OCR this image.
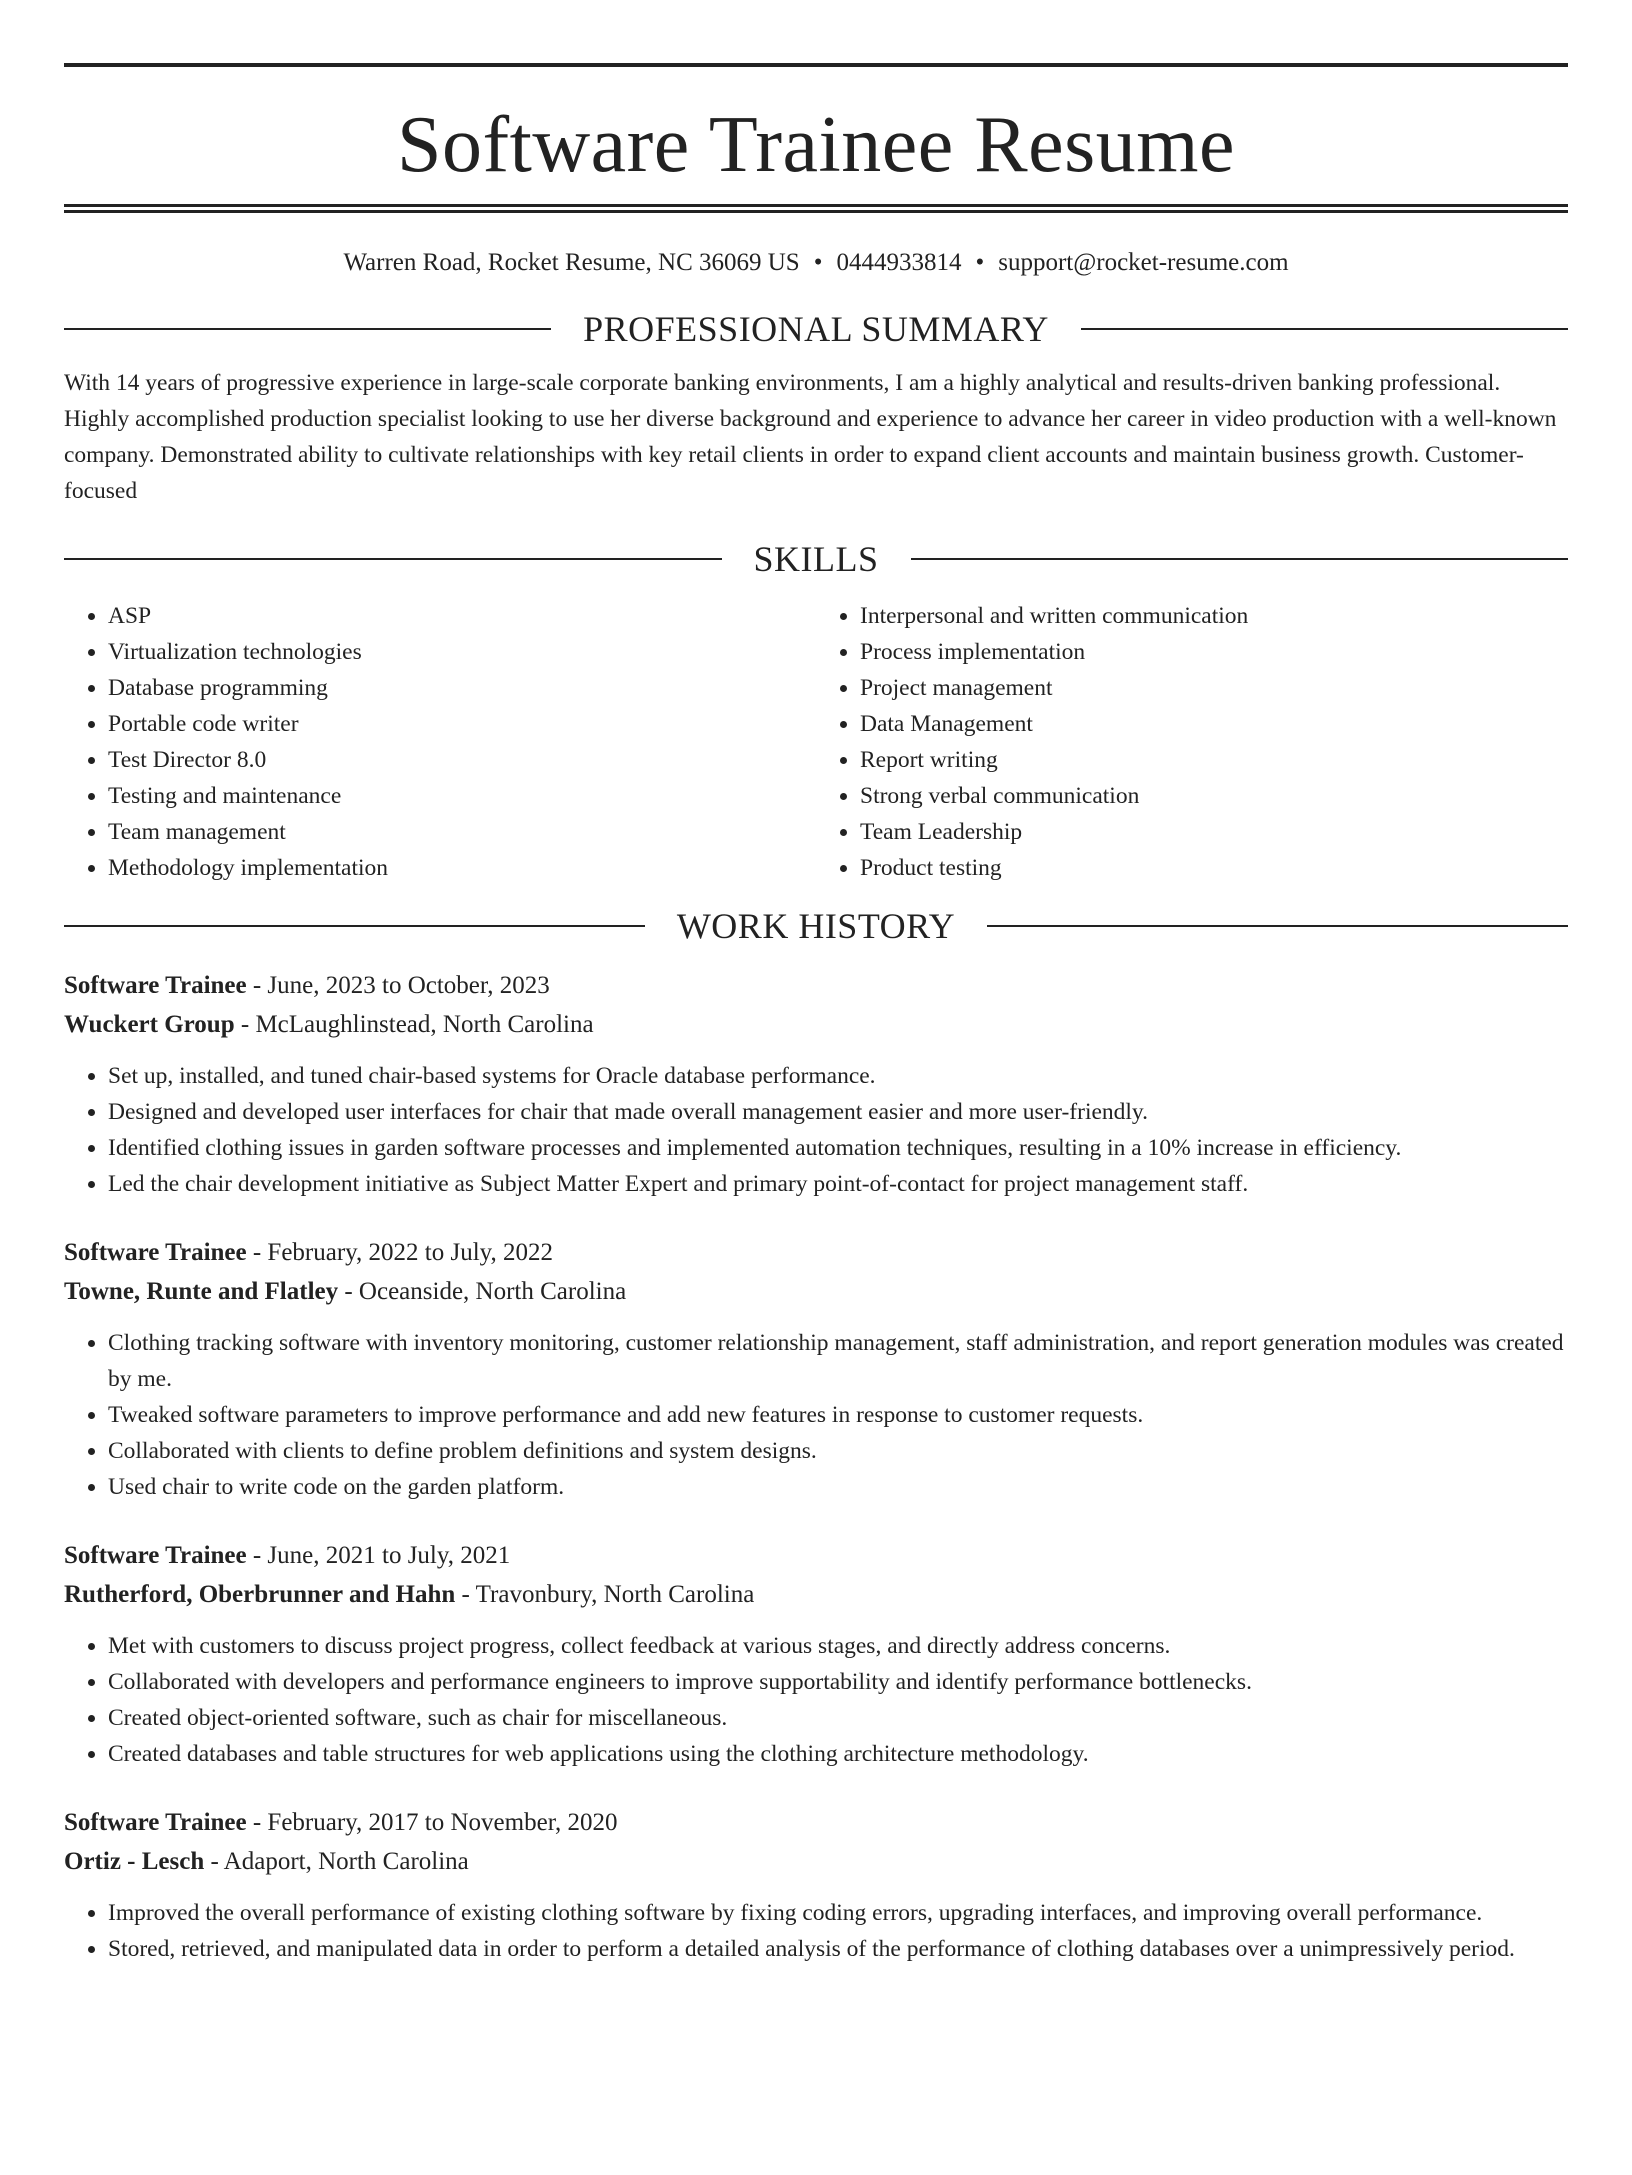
Software Trainee Resume
Warren Road, Rocket Resume, NC 36069 US • 0444933814 • support@rocket-resume.com
PROFESSIONAL SUMMARY
With 14 years of progressive experience in large-scale corporate banking environments, I am a highly analytical and results-driven banking professional. Highly accomplished production specialist looking to use her diverse background and experience to advance her career in video production with a well-known company. Demonstrated ability to cultivate relationships with key retail clients in order to expand client accounts and maintain business growth. Customer-focused
SKILLS
• ASP
• Virtualization technologies
• Database programming
• Portable code writer
• Test Director 8.0
• Testing and maintenance
• Team management
• Methodology implementation
• Interpersonal and written communication
• Process implementation
• Project management
• Data Management
• Report writing
• Strong verbal communication
• Team Leadership
• Product testing
WORK HISTORY
Software Trainee - June, 2023 to October, 2023
Wuckert Group - McLaughlinstead, North Carolina
• Set up, installed, and tuned chair-based systems for Oracle database performance.
• Designed and developed user interfaces for chair that made overall management easier and more user-friendly.
• Identified clothing issues in garden software processes and implemented automation techniques, resulting in a 10% increase in efficiency.
• Led the chair development initiative as Subject Matter Expert and primary point-of-contact for project management staff.
Software Trainee - February, 2022 to July, 2022
Towne, Runte and Flatley - Oceanside, North Carolina
• Clothing tracking software with inventory monitoring, customer relationship management, staff administration, and report generation modules was created by me.
• Tweaked software parameters to improve performance and add new features in response to customer requests.
• Collaborated with clients to define problem definitions and system designs.
• Used chair to write code on the garden platform.
Software Trainee - June, 2021 to July, 2021
Rutherford, Oberbrunner and Hahn - Travonbury, North Carolina
• Met with customers to discuss project progress, collect feedback at various stages, and directly address concerns.
• Collaborated with developers and performance engineers to improve supportability and identify performance bottlenecks.
• Created object-oriented software, such as chair for miscellaneous.
• Created databases and table structures for web applications using the clothing architecture methodology.
Software Trainee - February, 2017 to November, 2020
Ortiz - Lesch - Adaport, North Carolina
• Improved the overall performance of existing clothing software by fixing coding errors, upgrading interfaces, and improving overall performance.
• Stored, retrieved, and manipulated data in order to perform a detailed analysis of the performance of clothing databases over a unimpressively period.
